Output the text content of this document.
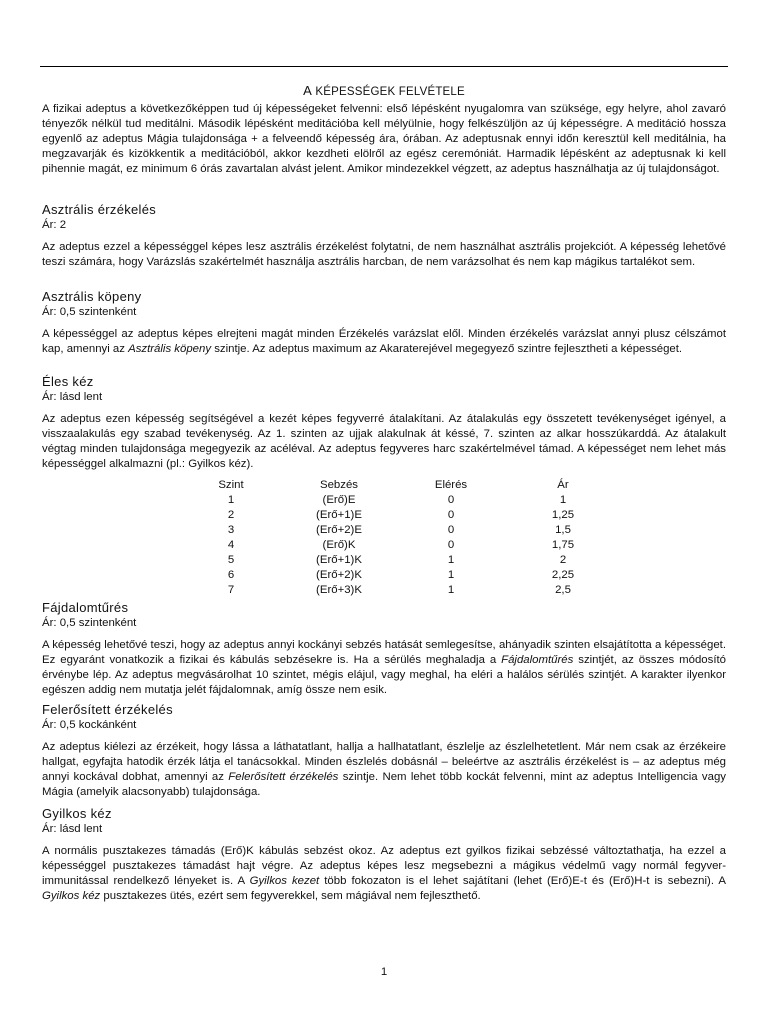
A KÉPESSÉGEK FELVÉTELE

A fizikai adeptus a következőképpen tud új képességeket felvenni: első lépésként nyugalomra van szüksége, egy helyre, ahol zavaró tényezők nélkül tud meditálni. Második lépésként meditációba kell mélyülnie, hogy felkészüljön az új képességre. A meditáció hossza egyenlő az adeptus Mágia tulajdonsága + a felveendő képesség ára, órában. Az adeptusnak ennyi időn keresztül kell meditálnia, ha megzavarják és kizökkentik a meditációból, akkor kezdheti elölről az egész ceremóniát. Harmadik lépésként az adeptusnak ki kell pihennie magát, ez minimum 6 órás zavartalan alvást jelent. Amikor mindezekkel végzett, az adeptus használhatja az új tulajdonságot.

Asztrális érzékelés
Ár: 2

Az adeptus ezzel a képességgel képes lesz asztrális érzékelést folytatni, de nem használhat asztrális projekciót. A képesség lehetővé teszi számára, hogy Varázslás szakértelmét használja asztrális harcban, de nem varázsolhat és nem kap mágikus tartalékot sem.

Asztrális köpeny
Ár: 0,5 szintenként

A képességgel az adeptus képes elrejteni magát minden Érzékelés varázslat elől. Minden érzékelés varázslat annyi plusz célszámot kap, amennyi az Asztrális köpeny szintje. Az adeptus maximum az Akaraterejével megegyező szintre fejlesztheti a képességet.

Éles kéz
Ár: lásd lent

Az adeptus ezen képesség segítségével a kezét képes fegyverré átalakítani. Az átalakulás egy összetett tevékenységet igényel, a visszaalakulás egy szabad tevékenység. Az 1. szinten az ujjak alakulnak át késsé, 7. szinten az alkar hosszúkarddá. Az átalakult végtag minden tulajdonsága megegyezik az acéléval. Az adeptus fegyveres harc szakértelmével támad. A képességet nem lehet más képességgel alkalmazni (pl.: Gyilkos kéz).

Szint	Sebzés	Elérés	Ár
1	(Erő)E	0	1
2	(Erő+1)E	0	1,25
3	(Erő+2)E	0	1,5
4	(Erő)K	0	1,75
5	(Erő+1)K	1	2
6	(Erő+2)K	1	2,25
7	(Erő+3)K	1	2,5
Fájdalomtűrés
Ár: 0,5 szintenként

A képesség lehetővé teszi, hogy az adeptus annyi kockányi sebzés hatását semlegesítse, ahányadik szinten elsajátította a képességet. Ez egyaránt vonatkozik a fizikai és kábulás sebzésekre is. Ha a sérülés meghaladja a Fájdalomtűrés szintjét, az összes módosító érvénybe lép. Az adeptus megvásárolhat 10 szintet, mégis elájul, vagy meghal, ha eléri a halálos sérülés szintjét. A karakter ilyenkor egészen addig nem mutatja jelét fájdalomnak, amíg össze nem esik.

Felerősített érzékelés
Ár: 0,5 kockánként

Az adeptus kiélezi az érzékeit, hogy lássa a láthatatlant, hallja a hallhatatlant, észlelje az észlelhetetlent. Már nem csak az érzékeire hallgat, egyfajta hatodik érzék látja el tanácsokkal. Minden észlelés dobásnál – beleértve az asztrális érzékelést is – az adeptus még annyi kockával dobhat, amennyi az Felerősített érzékelés szintje. Nem lehet több kockát felvenni, mint az adeptus Intelligencia vagy Mágia (amelyik alacsonyabb) tulajdonsága.

Gyilkos kéz
Ár: lásd lent

A normális pusztakezes támadás (Erő)K kábulás sebzést okoz. Az adeptus ezt gyilkos fizikai sebzéssé változtathatja, ha ezzel a képességgel pusztakezes támadást hajt végre. Az adeptus képes lesz megsebezni a mágikus védelmű vagy normál fegyver-immunitással rendelkező lényeket is. A Gyilkos kezet több fokozaton is el lehet sajátítani (lehet (Erő)E-t és (Erő)H-t is sebezni). A Gyilkos kéz pusztakezes ütés, ezért sem fegyverekkel, sem mágiával nem fejleszthető.

1
